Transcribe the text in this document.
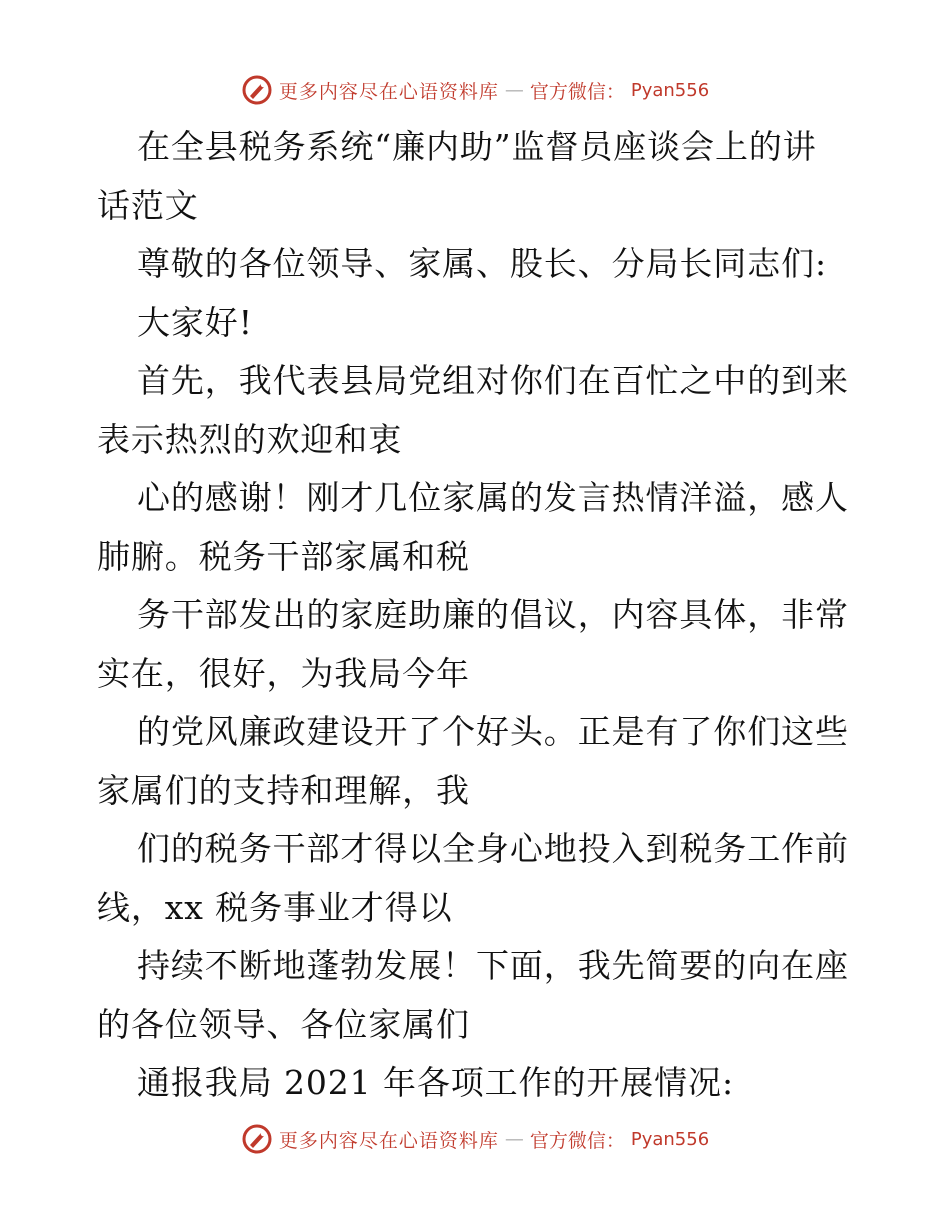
更多内容尽在心语资料库 — 官方微信： Pyan556

在全县税务系统“廉内助”监督员座谈会上的讲
话范文

尊敬的各位领导、家属、股长、分局长同志们:

大家好!

首先，我代表县局党组对你们在百忙之中的到来
表示热烈的欢迎和衷

心的感谢！刚才几位家属的发言热情洋溢，感人
肺腑。税务干部家属和税

务干部发出的家庭助廉的倡议，内容具体，非常
实在，很好，为我局今年

的党风廉政建设开了个好头。正是有了你们这些
家属们的支持和理解，我

们的税务干部才得以全身心地投入到税务工作前
线，xx 税务事业才得以

持续不断地蓬勃发展！下面，我先简要的向在座
的各位领导、各位家属们

通报我局 2021 年各项工作的开展情况:

更多内容尽在心语资料库 — 官方微信： Pyan556
